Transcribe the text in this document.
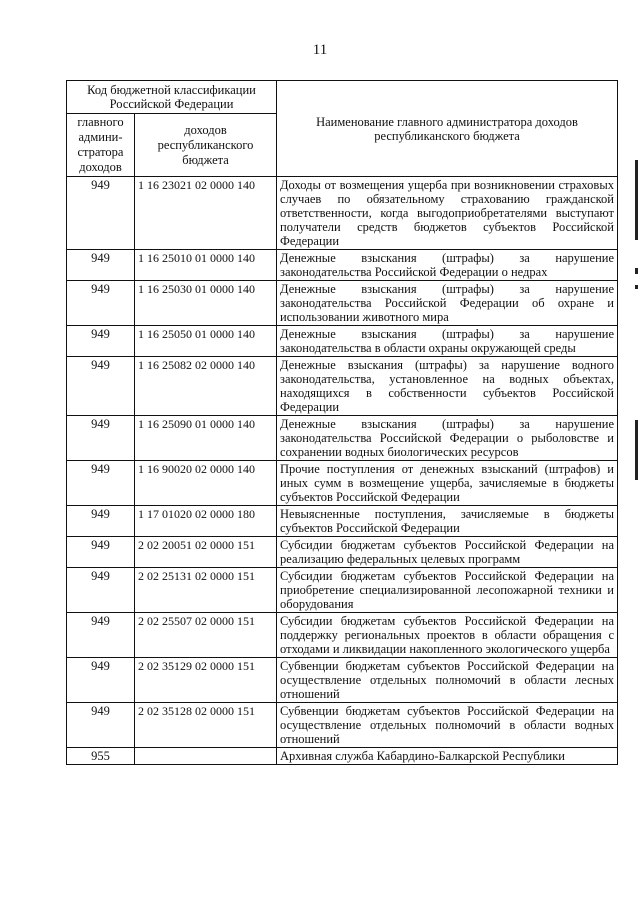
11
Код бюджетной классификации Российской Федерации		Наименование главного администратора доходов республиканского бюджета
главного админи-стратора доходов	доходов республиканского бюджета	
949	1 16 23021 02 0000 140	Доходы от возмещения ущерба при возникновении страховых случаев по обязательному страхованию гражданской ответственности, когда выгодоприобретателями выступают получатели средств бюджетов субъектов Российской Федерации
949	1 16 25010 01 0000 140	Денежные взыскания (штрафы) за нарушение законодательства Российской Федерации о недрах
949	1 16 25030 01 0000 140	Денежные взыскания (штрафы) за нарушение законодательства Российской Федерации об охране и использовании животного мира
949	1 16 25050 01 0000 140	Денежные взыскания (штрафы) за нарушение законодательства в области охраны окружающей среды
949	1 16 25082 02 0000 140	Денежные взыскания (штрафы) за нарушение водного законодательства, установленное на водных объектах, находящихся в собственности субъектов Российской Федерации
949	1 16 25090 01 0000 140	Денежные взыскания (штрафы) за нарушение законодательства Российской Федерации о рыболовстве и сохранении водных биологических ресурсов
949	1 16 90020 02 0000 140	Прочие поступления от денежных взысканий (штрафов) и иных сумм в возмещение ущерба, зачисляемые в бюджеты субъектов Российской Федерации
949	1 17 01020 02 0000 180	Невыясненные поступления, зачисляемые в бюджеты субъектов Российской Федерации
949	2 02 20051 02 0000 151	Субсидии бюджетам субъектов Российской Федерации на реализацию федеральных целевых программ
949	2 02 25131 02 0000 151	Субсидии бюджетам субъектов Российской Федерации на приобретение специализированной лесопожарной техники и оборудования
949	2 02 25507 02 0000 151	Субсидии бюджетам субъектов Российской Федерации на поддержку региональных проектов в области обращения с отходами и ликвидации накопленного экологического ущерба
949	2 02 35129 02 0000 151	Субвенции бюджетам субъектов Российской Федерации на осуществление отдельных полномочий в области лесных отношений
949	2 02 35128 02 0000 151	Субвенции бюджетам субъектов Российской Федерации на осуществление отдельных полномочий в области водных отношений
955		Архивная служба Кабардино-Балкарской Республики
